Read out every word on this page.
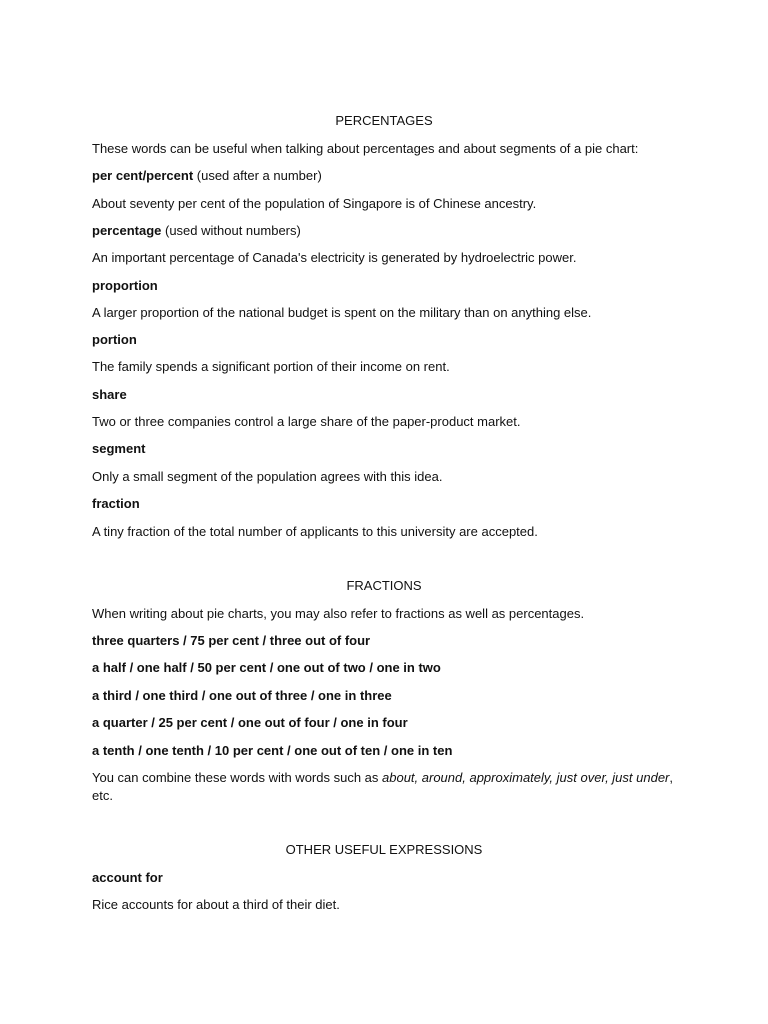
PERCENTAGES
These words can be useful when talking about percentages and about segments of a pie chart:
per cent/percent (used after a number)
About seventy per cent of the population of Singapore is of Chinese ancestry.
percentage (used without numbers)
An important percentage of Canada's electricity is generated by hydroelectric power.
proportion
A larger proportion of the national budget is spent on the military than on anything else.
portion
The family spends a significant portion of their income on rent.
share
Two or three companies control a large share of the paper-product market.
segment
Only a small segment of the population agrees with this idea.
fraction
A tiny fraction of the total number of applicants to this university are accepted.
FRACTIONS
When writing about pie charts, you may also refer to fractions as well as percentages.
three quarters / 75 per cent / three out of four
a half / one half / 50 per cent / one out of two / one in two
a third / one third / one out of three / one in three
a quarter / 25 per cent / one out of four / one in four
a tenth / one tenth / 10 per cent / one out of ten / one in ten
You can combine these words with words such as about, around, approximately, just over, just under, etc.
OTHER USEFUL EXPRESSIONS
account for
Rice accounts for about a third of their diet.
